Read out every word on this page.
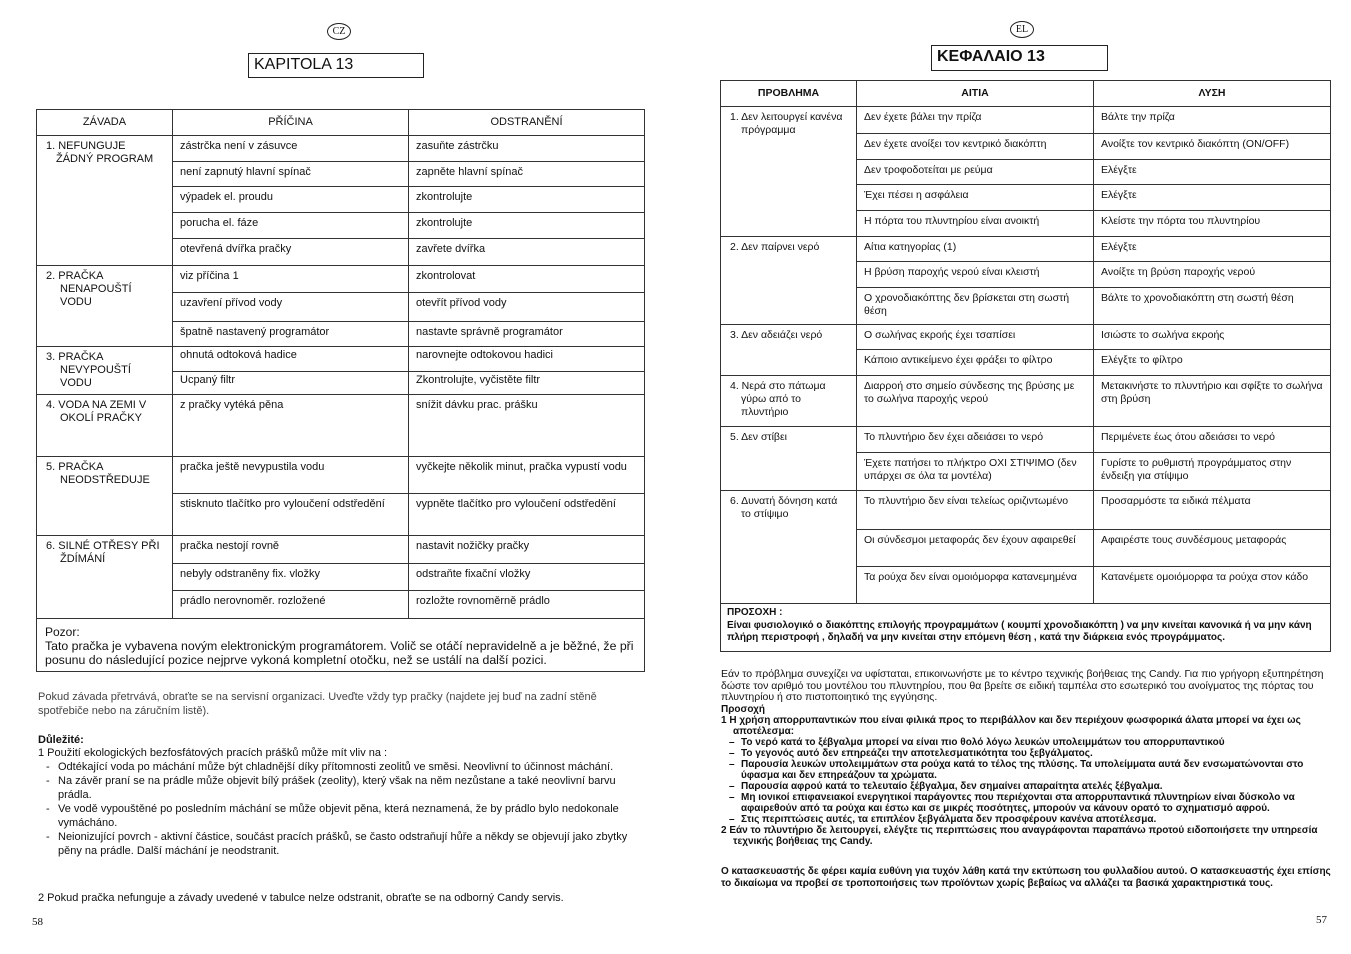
CZ
KAPITOLA 13
ZÁVADA	PŘÍČINA	ODSTRANĚNÍ

1. NEFUNGUJE ŽÁDNÝ PROGRAM	zástrčka není v zásuvce	zasuňte zástrčku
	není zapnutý hlavní spínač	zapněte hlavní spínač
	výpadek el. proudu	zkontrolujte
	porucha el. fáze	zkontrolujte
	otevřená dvířka pračky	zavřete dvířka

2. PRAČKA NENAPOUŠTÍ VODU	viz příčina 1	zkontrolovat
	uzavření přívod vody	otevřít přívod vody
	špatně nastavený programátor	nastavte správně programátor

3. PRAČKA NEVYPOUŠTÍ VODU	ohnutá odtoková hadice	narovnejte odtokovou hadici
	Ucpaný filtr	Zkontrolujte, vyčistěte filtr

4. VODA NA ZEMI V OKOLÍ PRAČKY	z pračky vytéká pěna	snížit dávku prac. prášku

5. PRAČKA NEODSTŘEDUJE	pračka ještě nevypustila vodu	vyčkejte několik minut, pračka vypustí vodu
	stisknuto tlačítko pro vyloučení odstředění	vypněte tlačítko pro vyloučení odstředění

6. SILNÉ OTŘESY PŘI ŽDÍMÁNÍ	pračka nestojí rovně	nastavit nožičky pračky
	nebyly odstraněny fix. vložky	odstraňte fixační vložky
	prádlo nerovnoměr. rozložené	rozložte rovnoměrně prádlo

Pozor:
Tato pračka je vybavena novým elektronickým programátorem. Volič se otáčí nepravidelně a je běžné, že při posunu do následující pozice nejprve vykoná kompletní otočku, než se ustálí na další pozici.		
Pokud závada přetrvává, obraťte se na servisní organizaci. Uveďte vždy typ pračky (najdete jej buď na zadní stěně spotřebiče nebo na záručním listě).
Důležité:
1 Použití ekologických bezfosfátových pracích prášků může mít vliv na :
- Odtékající voda po máchání může být chladnější díky přítomnosti zeolitů ve směsi. Neovlivní to účinnost máchání.
- Na závěr praní se na prádle může objevit bílý prášek (zeolity), který však na něm nezůstane a také neovlivní barvu prádla.
- Ve vodě vypouštěné po posledním máchání se může objevit pěna, která neznamená, že by prádlo bylo nedokonale vymácháno.
- Neionizující povrch - aktivní částice, součást pracích prášků, se často odstraňují hůře a někdy se objevují jako zbytky pěny na prádle. Další máchání je neodstranit.
2 Pokud pračka nefunguje a závady uvedené v tabulce nelze odstranit, obraťte se na odborný Candy servis.
58
EL
ΚΕΦΑΛΑΙΟ 13
ΠΡΟΒΛΗΜΑ	ΑΙΤΙΑ	ΛΥΣΗ

1. Δεν λειτουργεί κανένα πρόγραμμα	Δεν έχετε βάλει την πρίζα	Βάλτε την πρίζα
	Δεν έχετε ανοίξει τον κεντρικό διακόπτη	Ανοίξτε τον κεντρικό διακόπτη (ON/OFF)
	Δεν τροφοδοτείται με ρεύμα	Ελέγξτε
	Έχει πέσει η ασφάλεια	Ελέγξτε
	Η πόρτα του πλυντηρίου είναι ανοικτή	Κλείστε την πόρτα του πλυντηρίου

2. Δεν παίρνει νερό	Αίτια κατηγορίας (1)	Ελέγξτε
	Η βρύση παροχής νερού είναι κλειστή	Ανοίξτε τη βρύση παροχής νερού
	Ο χρονοδιακόπτης δεν βρίσκεται στη σωστή θέση	Βάλτε το χρονοδιακόπτη στη σωστή θέση

3. Δεν αδειάζει νερό	Ο σωλήνας εκροής έχει τσαπίσει	Ισιώστε το σωλήνα εκροής
	Κάποιο αντικείμενο έχει φράξει το φίλτρο	Ελέγξτε το φίλτρο

4. Νερά στο πάτωμα γύρω από το πλυντήριο	Διαρροή στο σημείο σύνδεσης της βρύσης με το σωλήνα παροχής νερού	Μετακινήστε το πλυντήριο και σφίξτε το σωλήνα στη βρύση

5. Δεν στίβει	Το πλυντήριο δεν έχει αδειάσει το νερό	Περιμένετε έως ότου αδειάσει το νερό
	Έχετε πατήσει το πλήκτρο ΟΧΙ ΣΤΙΨΙΜΟ (δεν υπάρχει σε όλα τα μοντέλα)	Γυρίστε το ρυθμιστή προγράμματος στην ένδειξη για στίψιμο

6. Δυνατή δόνηση κατά το στίψιμο	Το πλυντήριο δεν είναι τελείως οριζιντωμένο	Προσαρμόστε τα ειδικά πέλματα
	Οι σύνδεσμοι μεταφοράς δεν έχουν αφαιρεθεί	Αφαιρέστε τους συνδέσμους μεταφοράς
	Τα ρούχα δεν είναι ομοιόμορφα κατανεμημένα	Κατανέμετε ομοιόμορφα τα ρούχα στον κάδο

ΠΡΟΣΟΧΗ :
Είναι φυσιολογικό ο διακόπτης επιλογής προγραμμάτων ( κουμπί χρονοδιακόπτη ) να μην κινείται κανονικά ή να μην κάνη πλήρη περιστροφή , δηλαδή να μην κινείται στην επόμενη θέση , κατά την διάρκεια ενός προγράμματος.		
Εάν το πρόβλημα συνεχίζει να υφίσταται, επικοινωνήστε με το κέντρο τεχνικής βοήθειας της Candy. Για πιο γρήγορη εξυπηρέτηση δώστε τον αριθμό του μοντέλου του πλυντηρίου, που θα βρείτε σε ειδική ταμπέλα στο εσωτερικό του ανοίγματος της πόρτας του πλυντηρίου ή στο πιστοποιητικό της εγγύησης.
Προσοχή
1 Η χρήση απορρυπαντικών που είναι φιλικά προς το περιβάλλον και δεν περιέχουν φωσφορικά άλατα μπορεί να έχει ως αποτέλεσμα:
– Το νερό κατά το ξέβγαλμα μπορεί να είναι πιο θολό λόγω λευκών υπολειμμάτων του απορρυπαντικού
– Το γεγονός αυτό δεν επηρεάζει την αποτελεσματικότητα του ξεβγάλματος.
– Παρουσία λευκών υπολειμμάτων στα ρούχα κατά το τέλος της πλύσης. Τα υπολείμματα αυτά δεν ενσωματώνονται στο ύφασμα και δεν επηρεάζουν τα χρώματα.
– Παρουσία αφρού κατά το τελευταίο ξέβγαλμα, δεν σημαίνει απαραίτητα ατελές ξέβγαλμα.
– Μη ιονικοί επιφανειακοί ενεργητικοί παράγοντες που περιέχονται στα απορρυπαντικά πλυντηρίων είναι δύσκολο να αφαιρεθούν από τα ρούχα και έστω και σε μικρές ποσότητες, μπορούν να κάνουν ορατό το σχηματισμό αφρού.
– Στις περιπτώσεις αυτές, τα επιπλέον ξεβγάλματα δεν προσφέρουν κανένα αποτέλεσμα.
2 Εάν το πλυντήριο δε λειτουργεί, ελέγξτε τις περιπτώσεις που αναγράφονται παραπάνω προτού ειδοποιήσετε την υπηρεσία τεχνικής βοήθειας της Candy.
Ο κατασκευαστής δε φέρει καμία ευθύνη για τυχόν λάθη κατά την εκτύπωση του φυλλαδίου αυτού. Ο κατασκευαστής έχει επίσης το δικαίωμα να προβεί σε τροποποιήσεις των προϊόντων χωρίς βεβαίως να αλλάζει τα βασικά χαρακτηριστικά τους.
57
